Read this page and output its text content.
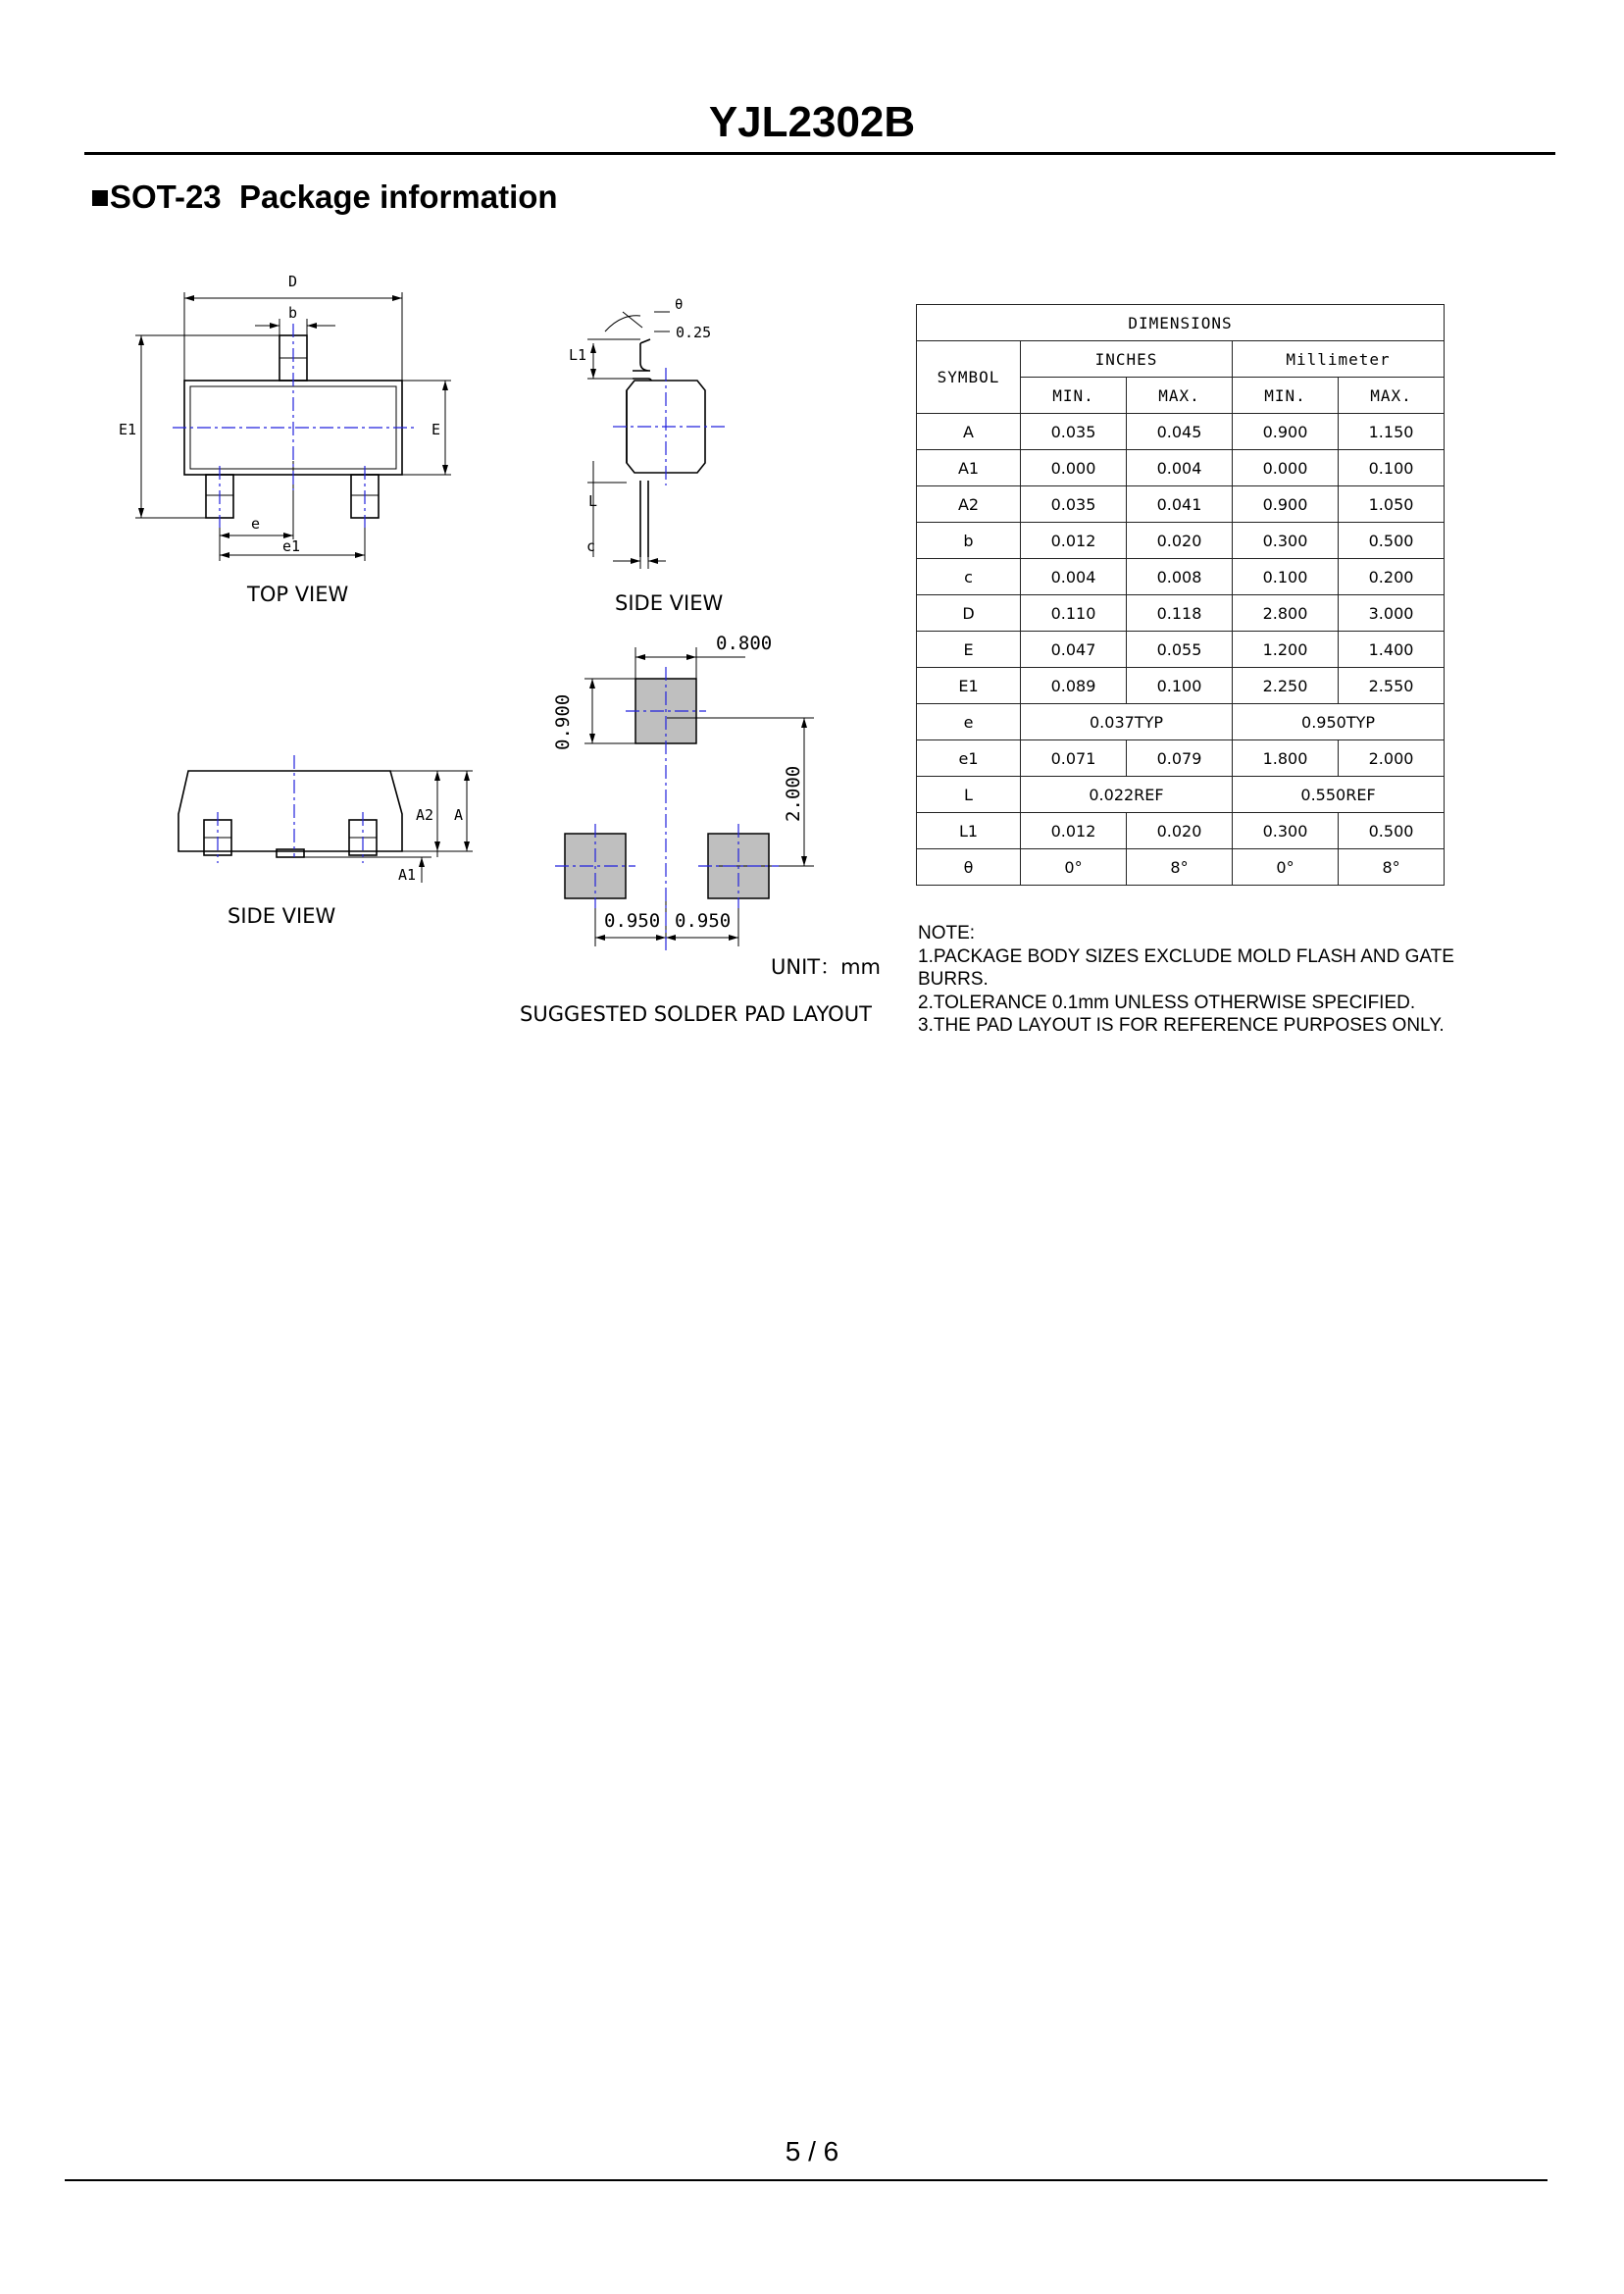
YJL2302B
■SOT-23  Package information
D
b
E1	E
e
e1
TOP VIEW
θ
0.25
L1
L
c
SIDE VIEW
A2 A
A1
SIDE VIEW
0.800
0.900
2.000
0.950 0.950
UNIT：mm
SUGGESTED SOLDER PAD LAYOUT
DIMENSIONS				
SYMBOL	INCHES		Millimeter	
	MIN.	MAX.	MIN.	MAX.
A	0.035	0.045	0.900	1.150
A1	0.000	0.004	0.000	0.100
A2	0.035	0.041	0.900	1.050
b	0.012	0.020	0.300	0.500
c	0.004	0.008	0.100	0.200
D	0.110	0.118	2.800	3.000
E	0.047	0.055	1.200	1.400
E1	0.089	0.100	2.250	2.550
e	0.037TYP		0.950TYP	
e1	0.071	0.079	1.800	2.000
L	0.022REF		0.550REF	
L1	0.012	0.020	0.300	0.500
θ	0°	8°	0°	8°
NOTE:
1.PACKAGE BODY SIZES EXCLUDE MOLD FLASH AND GATE
BURRS.
2.TOLERANCE 0.1mm UNLESS OTHERWISE SPECIFIED.
3.THE PAD LAYOUT IS FOR REFERENCE PURPOSES ONLY.
5 / 6
